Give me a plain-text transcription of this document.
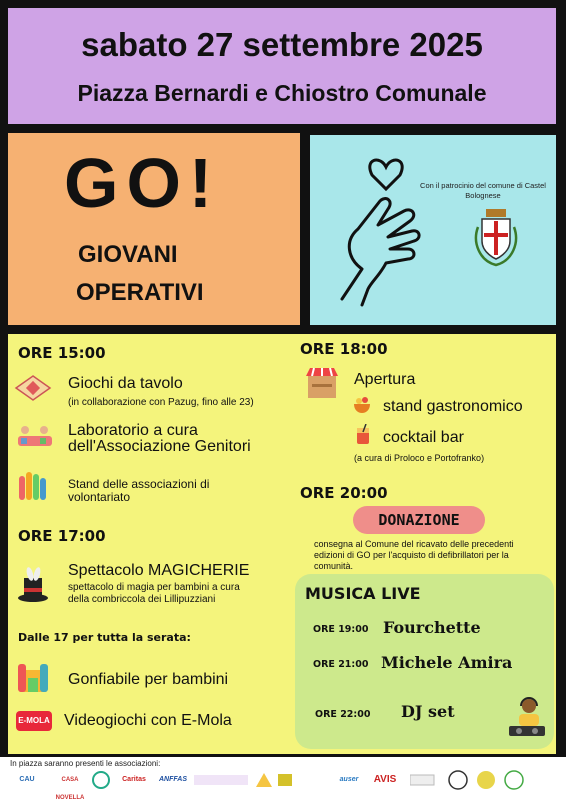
sabato 27 settembre 2025
Piazza Bernardi e Chiostro Comunale
GO!
GIOVANI
OPERATIVI
Con il patrocinio del comune di Castel Bolognese
ORE 15:00
Giochi da tavolo
(in collaborazione con Pazug, fino alle 23)
Laboratorio a cura
dell'Associazione Genitori
Stand delle associazioni di
volontariato
ORE 17:00
Spettacolo MAGICHERIE
spettacolo di magia per bambini a cura
della combriccola dei Lillipuzziani
Dalle 17 per tutta la serata:
Gonfiabile per bambini
E-MOLA Videogiochi con E-Mola
ORE 18:00
Apertura
stand gastronomico
cocktail bar
(a cura di Proloco e Portofranko)
ORE 20:00
DONAZIONE
consegna al Comune del ricavato delle precedenti
edizioni di GO per l'acquisto di defibrillatori per la
comunità.
MUSICA LIVE
ORE 19:00 Fourchette
ORE 21:00 Michele Amira
ORE 22:00 DJ set
In piazza saranno presenti le associazioni:
CAU	CASA NOVELLA
Caritas	ANFFAS	auser	AVIS
